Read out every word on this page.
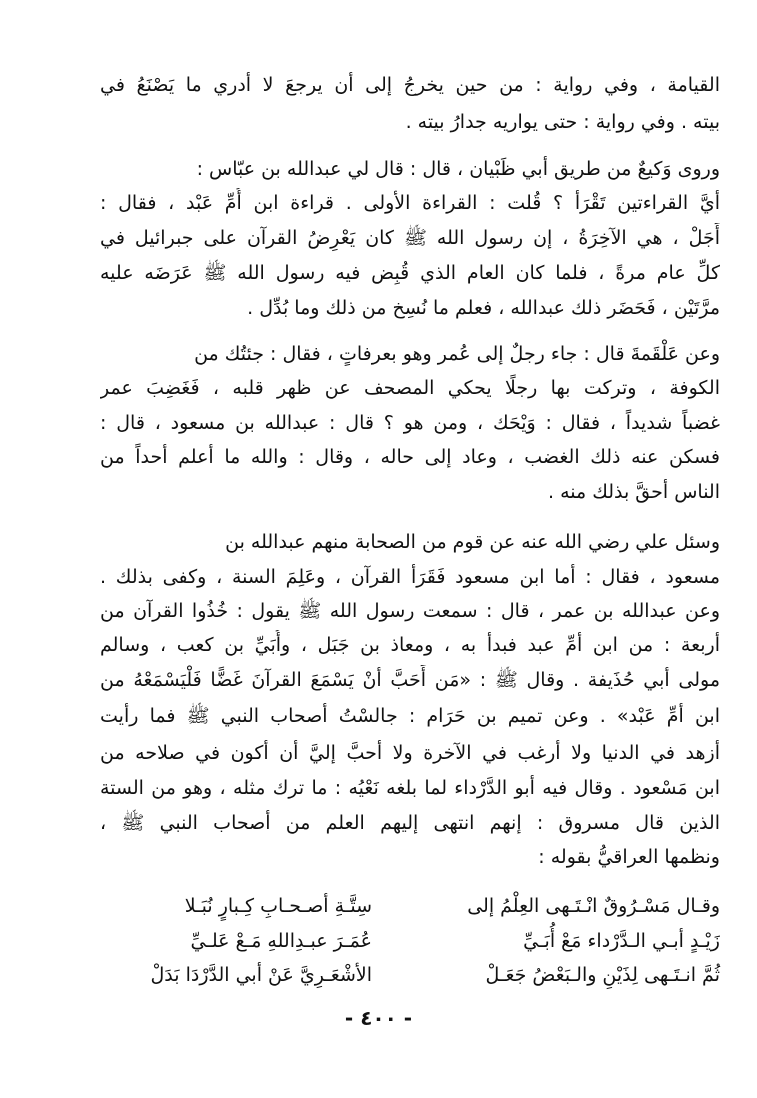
القيامة ، وفي رواية : من حين يخرجُ إلى أن يرجعَ لا أدري ما يَصْنَعُ في
بيته . وفي رواية : حتى يواريه جدارُ بيته .
وروى وَكيعٌ من طريق أبي ظَبْيان ، قال : قال لي عبدالله بن عبّاس :
أيَّ القراءتين تَقْرَأ ؟ قُلت : القراءة الأولى . قراءة ابن أُمِّ عَبْد ، فقال :
أَجَلْ ، هي الآخِرَةُ ، إن رسول الله ﷺ كان يَعْرِضُ القرآن على جبرائيل في
كلِّ عام مرةً ، فلما كان العام الذي قُبِض فيه رسول الله ﷺ عَرَضَه عليه
مرَّتَيْن ، فَحَضَر ذلك عبدالله ، فعلم ما نُسِخ من ذلك وما بُدِّل .
وعن عَلْقَمةَ قال : جاء رجلٌ إلى عُمر وهو بعرفاتٍ ، فقال : جئتُك من
الكوفة ، وتركت بها رجلًا يحكي المصحف عن ظهر قلبه ، فَغَضِبَ عمر
غضباً شديداً ، فقال : وَيْحَك ، ومن هو ؟ قال : عبدالله بن مسعود ، قال :
فسكن عنه ذلك الغضب ، وعاد إلى حاله ، وقال : والله ما أعلم أحداً من
الناس أحقَّ بذلك منه .
وسئل علي رضي الله عنه عن قوم من الصحابة منهم عبدالله بن
مسعود ، فقال : أما ابن مسعود فَقَرَأ القرآن ، وعَلِمَ السنة ، وكفى بذلك .
وعن عبدالله بن عمر ، قال : سمعت رسول الله ﷺ يقول : خُذُوا القرآن من
أربعة : من ابن أمِّ عبد فبدأ به ، ومعاذ بن جَبَل ، وأُبَيِّ بن كعب ، وسالم
مولى أبي حُذَيفة . وقال ﷺ : «مَن أَحَبَّ أنْ يَسْمَعَ القرآنَ غَضًّا فَلْيَسْمَعْهُ من
ابن أمِّ عَبْد» . وعن تميم بن حَرَام : جالسْتُ أصحاب النبي ﷺ فما رأيت
أزهد في الدنيا ولا أرغب في الآخرة ولا أحبَّ إليَّ أن أكون في صلاحه من
ابن مَسْعود . وقال فيه أبو الدَّرْداء لما بلغه نَعْيُه : ما ترك مثله ، وهو من الستة
الذين قال مسروق : إنهم انتهى إليهم العلم من أصحاب النبي ﷺ ،
ونظمها العراقيُّ بقوله :
وقـال مَسْـرُوقٌ انْـتَـهى العِلْمُ إلى
سِتَّـةِ أصـحـابِ كِـبارٍ نُبَـلا
زَيْـدٍ أبـي الـدَّرْداء مَعْ أُبَـيِّ
عُمَـرَ عبـدِاللهِ مَـعْ عَلـيِّ
ثُمَّ انـتَـهى لِذَيْنِ والـبَعْضُ جَعَـلْ
الأشْعَـرِيَّ عَنْ أبي الدَّرْدَا بَدَلْ
- ٤٠٠ -
